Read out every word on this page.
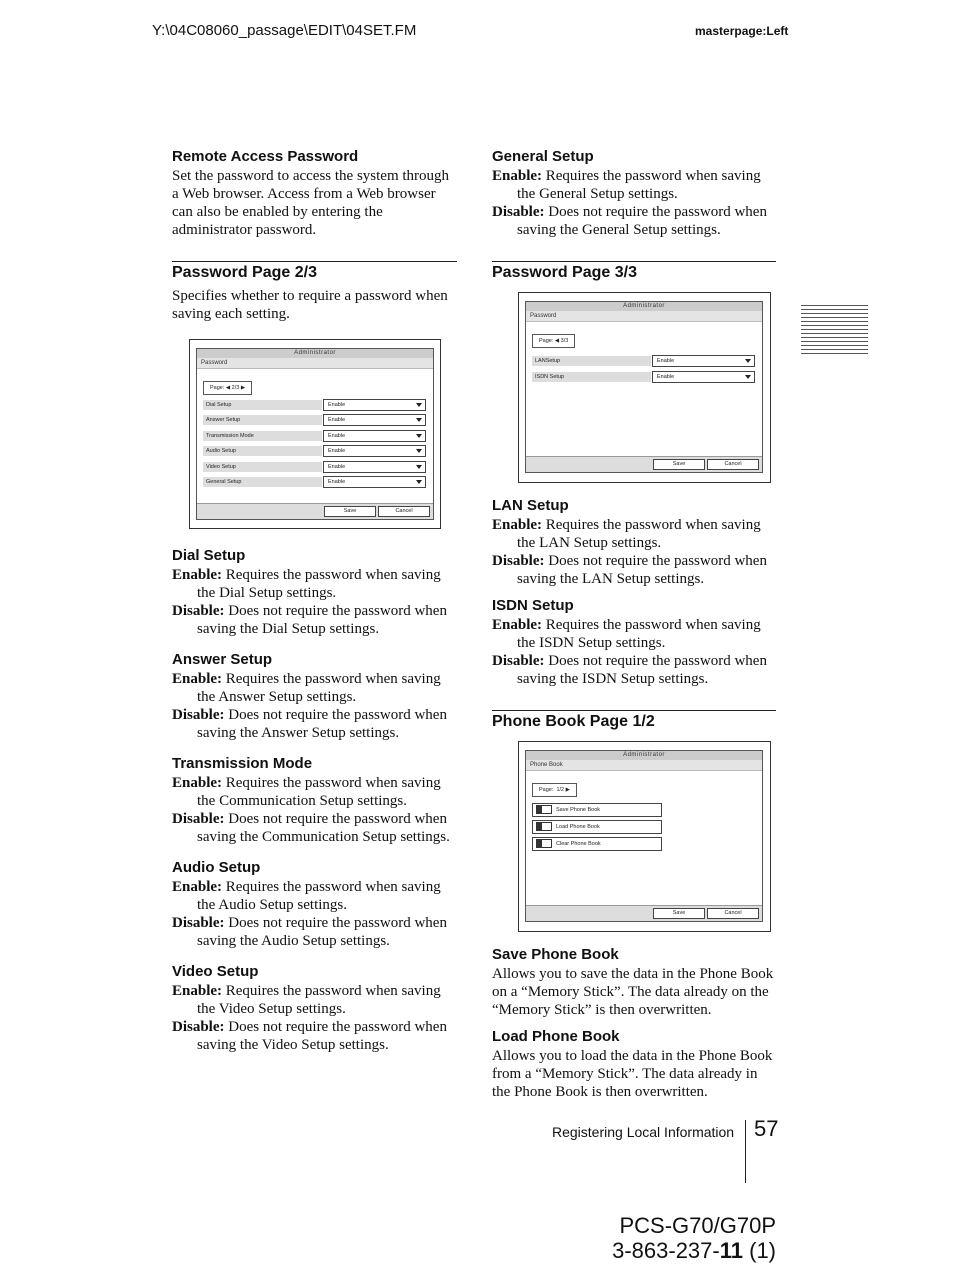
Y:\04C08060_passage\EDIT\04SET.FM	masterpage:Left
Remote Access Password

Set the password to access the system through a Web browser. Access from a Web browser can also be enabled by entering the administrator password.

Password Page 2/3

Specifies whether to require a password when saving each setting.

Administrator
Password
Page: ◀ 2/3 ▶
Dial Setup	Enable
Answer Setup	Enable
Transmission Mode	Enable
Audio Setup	Enable
Video Setup	Enable
General Setup	Enable
Save	Cancel
Dial Setup

Enable: Requires the password when saving the Dial Setup settings.

Disable: Does not require the password when saving the Dial Setup settings.

Answer Setup

Enable: Requires the password when saving the Answer Setup settings.

Disable: Does not require the password when saving the Answer Setup settings.

Transmission Mode

Enable: Requires the password when saving the Communication Setup settings.

Disable: Does not require the password when saving the Communication Setup settings.

Audio Setup

Enable: Requires the password when saving the Audio Setup settings.

Disable: Does not require the password when saving the Audio Setup settings.

Video Setup

Enable: Requires the password when saving the Video Setup settings.

Disable: Does not require the password when saving the Video Setup settings.

General Setup

Enable: Requires the password when saving the General Setup settings.

Disable: Does not require the password when saving the General Setup settings.

Password Page 3/3
Administrator
Password
Page: ◀ 3/3
LANSetup	Enable
ISDN Setup	Enable
Save	Cancel
LAN Setup

Enable: Requires the password when saving the LAN Setup settings.

Disable: Does not require the password when saving the LAN Setup settings.

ISDN Setup

Enable: Requires the password when saving the ISDN Setup settings.

Disable: Does not require the password when saving the ISDN Setup settings.

Phone Book Page 1/2
Administrator
Phone Book
Page: 1/2 ▶
Save Phone Book
Load Phone Book
Clear Phone Book
Save	Cancel
Save Phone Book

Allows you to save the data in the Phone Book on a “Memory Stick”. The data already on the “Memory Stick” is then overwritten.

Load Phone Book

Allows you to load the data in the Phone Book from a “Memory Stick”. The data already in the Phone Book is then overwritten.

Registering Local Information 57
PCS-G70/G70P
3-863-237-11 (1)
